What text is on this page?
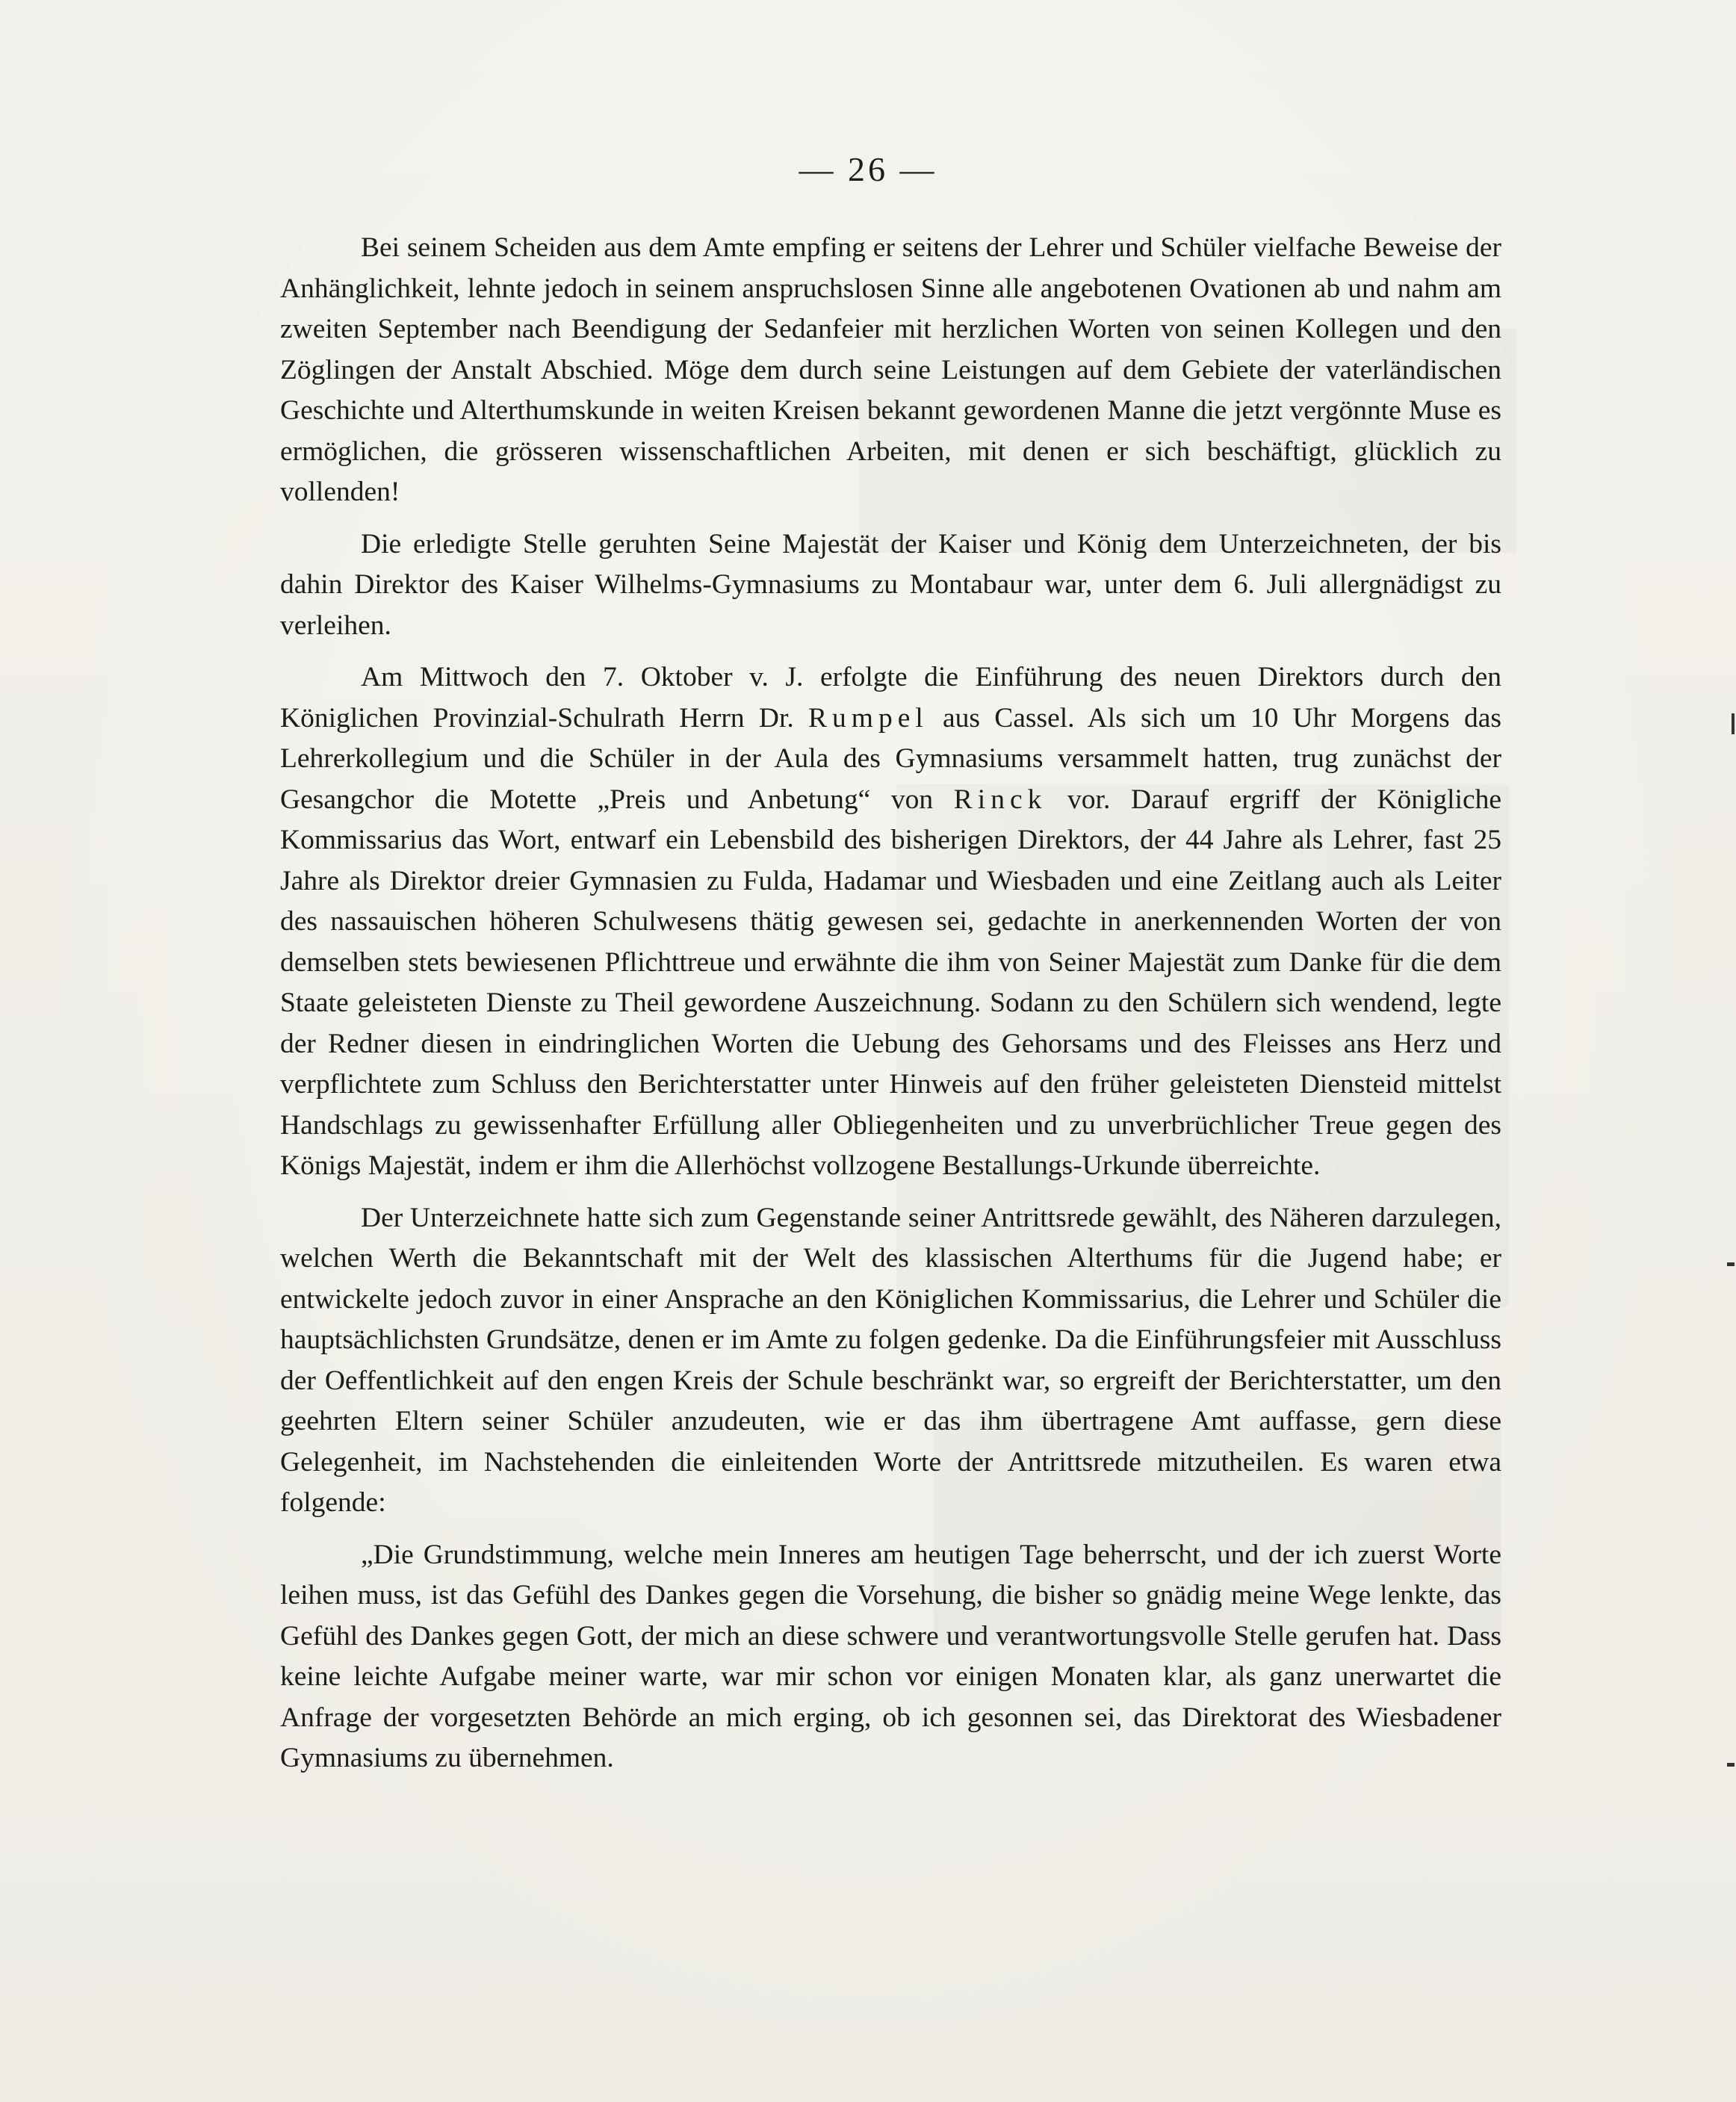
— 26 —

Bei seinem Scheiden aus dem Amte empfing er seitens der Lehrer und Schüler vielfache Beweise der Anhänglichkeit, lehnte jedoch in seinem anspruchslosen Sinne alle angebotenen Ovationen ab und nahm am zweiten September nach Beendigung der Sedanfeier mit herzlichen Worten von seinen Kollegen und den Zöglingen der Anstalt Abschied. Möge dem durch seine Leistungen auf dem Gebiete der vaterländischen Geschichte und Alterthumskunde in weiten Kreisen bekannt gewordenen Manne die jetzt vergönnte Muse es ermöglichen, die grösseren wissenschaftlichen Arbeiten, mit denen er sich beschäftigt, glücklich zu vollenden!

Die erledigte Stelle geruhten Seine Majestät der Kaiser und König dem Unterzeichneten, der bis dahin Direktor des Kaiser Wilhelms-Gymnasiums zu Montabaur war, unter dem 6. Juli allergnädigst zu verleihen.

Am Mittwoch den 7. Oktober v. J. erfolgte die Einführung des neuen Direktors durch den Königlichen Provinzial-Schulrath Herrn Dr. Rumpel aus Cassel. Als sich um 10 Uhr Morgens das Lehrerkollegium und die Schüler in der Aula des Gymnasiums versammelt hatten, trug zunächst der Gesangchor die Motette „Preis und Anbetung“ von Rinck vor. Darauf ergriff der Königliche Kommissarius das Wort, entwarf ein Lebensbild des bisherigen Direktors, der 44 Jahre als Lehrer, fast 25 Jahre als Direktor dreier Gymnasien zu Fulda, Hadamar und Wiesbaden und eine Zeitlang auch als Leiter des nassauischen höheren Schulwesens thätig gewesen sei, gedachte in anerkennenden Worten der von demselben stets bewiesenen Pflichttreue und erwähnte die ihm von Seiner Majestät zum Danke für die dem Staate geleisteten Dienste zu Theil gewordene Auszeichnung. Sodann zu den Schülern sich wendend, legte der Redner diesen in eindringlichen Worten die Uebung des Gehorsams und des Fleisses ans Herz und verpflichtete zum Schluss den Berichterstatter unter Hinweis auf den früher geleisteten Diensteid mittelst Handschlags zu gewissenhafter Erfüllung aller Obliegenheiten und zu unverbrüchlicher Treue gegen des Königs Majestät, indem er ihm die Allerhöchst vollzogene Bestallungs-Urkunde überreichte.

Der Unterzeichnete hatte sich zum Gegenstande seiner Antrittsrede gewählt, des Näheren darzulegen, welchen Werth die Bekanntschaft mit der Welt des klassischen Alterthums für die Jugend habe; er entwickelte jedoch zuvor in einer Ansprache an den Königlichen Kommissarius, die Lehrer und Schüler die hauptsächlichsten Grundsätze, denen er im Amte zu folgen gedenke. Da die Einführungsfeier mit Ausschluss der Oeffentlichkeit auf den engen Kreis der Schule beschränkt war, so ergreift der Berichterstatter, um den geehrten Eltern seiner Schüler anzudeuten, wie er das ihm übertragene Amt auffasse, gern diese Gelegenheit, im Nachstehenden die einleitenden Worte der Antrittsrede mitzutheilen. Es waren etwa folgende:

„Die Grundstimmung, welche mein Inneres am heutigen Tage beherrscht, und der ich zuerst Worte leihen muss, ist das Gefühl des Dankes gegen die Vorsehung, die bisher so gnädig meine Wege lenkte, das Gefühl des Dankes gegen Gott, der mich an diese schwere und verantwortungsvolle Stelle gerufen hat. Dass keine leichte Aufgabe meiner warte, war mir schon vor einigen Monaten klar, als ganz unerwartet die Anfrage der vorgesetzten Behörde an mich erging, ob ich gesonnen sei, das Direktorat des Wiesbadener Gymnasiums zu übernehmen.
